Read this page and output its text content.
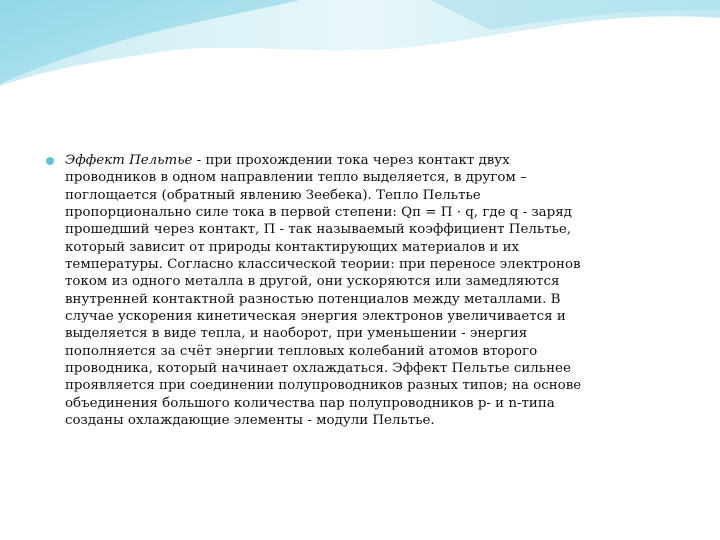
Эффект Пельтье - при прохождении тока через контакт двух
проводников в одном направлении тепло выделяется, в другом –
поглощается (обратный явлению Зеебека). Тепло Пельтье
пропорционально силе тока в первой степени: Qп = П · q, где q - заряд
прошедший через контакт, П - так называемый коэффициент Пельтье,
который зависит от природы контактирующих материалов и их
температуры. Согласно классической теории: при переносе электронов
током из одного металла в другой, они ускоряются или замедляются
внутренней контактной разностью потенциалов между металлами. В
случае ускорения кинетическая энергия электронов увеличивается и
выделяется в виде тепла, и наоборот, при уменьшении - энергия
пополняется за счёт энергии тепловых колебаний атомов второго
проводника, который начинает охлаждаться. Эффект Пельтье сильнее
проявляется при соединении полупроводников разных типов; на основе
объединения большого количества пар полупроводников p- и n-типа
созданы охлаждающие элементы - модули Пельтье.
